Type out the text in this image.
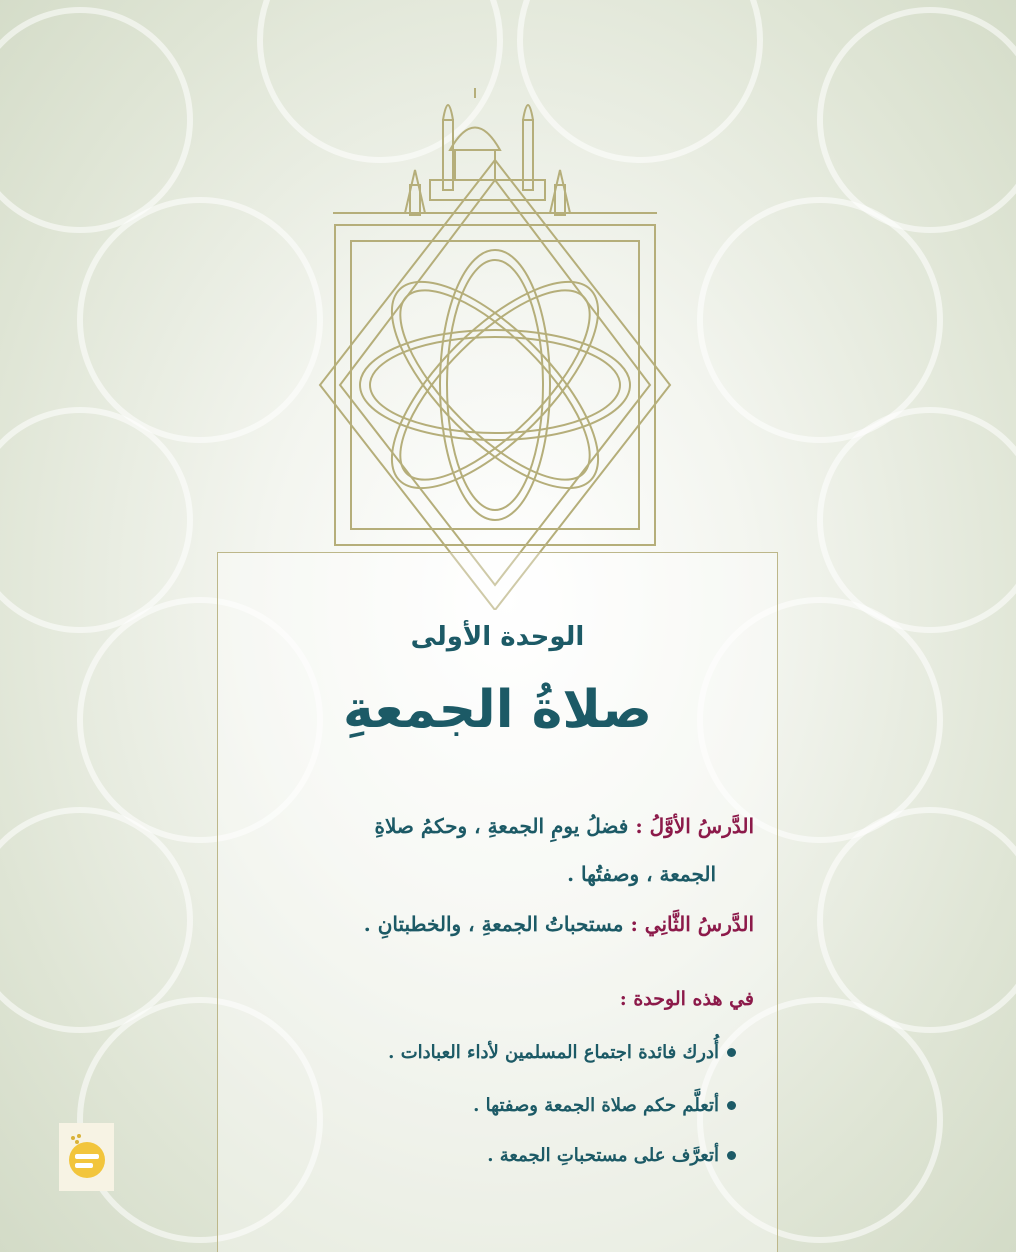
الوحدة الأولى
صلاةُ الجمعةِ
الدَّرسُ الأوَّلُ : فضلُ يومِ الجمعةِ ، وحكمُ صلاةِ
الجمعة ، وصفتُها .
الدَّرسُ الثَّانِي : مستحباتُ الجمعةِ ، والخطبتانِ .
في هذه الوحدة :
أُدرك فائدة اجتماع المسلمين لأداء العبادات .
أتعلَّم حكم صلاة الجمعة وصفتها .
أتعرَّف على مستحباتِ الجمعة .
